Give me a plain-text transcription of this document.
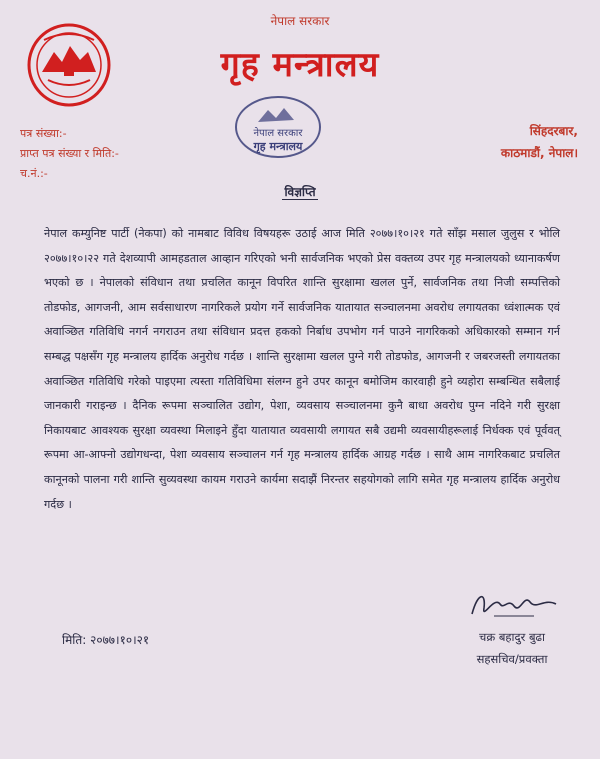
नेपाल सरकार
गृह मन्त्रालय
नेपाल सरकार
गृह मन्त्रालय
पत्र संख्या:-
प्राप्त पत्र संख्या र मिति:-
च.नं.:-
सिंहदरबार,
काठमाडौं, नेपाल।
विज्ञप्ति
नेपाल कम्युनिष्ट पार्टी (नेकपा) को नामबाट विविध विषयहरू उठाई आज मिति २०७७।१०।२१ गते साँझ मसाल जुलुस र भोलि २०७७।१०।२२ गते देशव्यापी आमहडताल आव्हान गरिएको भनी सार्वजनिक भएको प्रेस वक्तव्य उपर गृह मन्त्रालयको ध्यानाकर्षण भएको छ । नेपालको संविधान तथा प्रचलित कानून विपरित शान्ति सुरक्षामा खलल पुर्ने, सार्वजनिक तथा निजी सम्पत्तिको तोडफोड, आगजनी, आम सर्वसाधारण नागरिकले प्रयोग गर्ने सार्वजनिक यातायात सञ्चालनमा अवरोध लगायतका ध्वंशात्मक एवं अवाञ्छित गतिविधि नगर्न नगराउन तथा संविधान प्रदत्त हकको निर्बाध उपभोग गर्न पाउने नागरिकको अधिकारको सम्मान गर्न सम्बद्ध पक्षसँग गृह मन्त्रालय हार्दिक अनुरोध गर्दछ । शान्ति सुरक्षामा खलल पुग्ने गरी तोडफोड, आगजनी र जबरजस्ती लगायतका अवाञ्छित गतिविधि गरेको पाइएमा त्यस्ता गतिविधिमा संलग्न हुने उपर कानून बमोजिम कारवाही हुने व्यहोरा सम्बन्धित सबैलाई जानकारी गराइन्छ । दैनिक रूपमा सञ्चालित उद्योग, पेशा, व्यवसाय सञ्चालनमा कुनै बाधा अवरोध पुग्न नदिने गरी सुरक्षा निकायबाट आवश्यक सुरक्षा व्यवस्था मिलाइने हुँदा यातायात व्यवसायी लगायत सबै उद्यमी व्यवसायीहरूलाई निर्धक्क एवं पूर्ववत् रूपमा आ-आफ्नो उद्योगधन्दा, पेशा व्यवसाय सञ्चालन गर्न गृह मन्त्रालय हार्दिक आग्रह गर्दछ । साथै आम नागरिकबाट प्रचलित कानूनको पालना गरी शान्ति सुव्यवस्था कायम गराउने कार्यमा सदाझैं निरन्तर सहयोगको लागि समेत गृह मन्त्रालय हार्दिक अनुरोध गर्दछ ।
मिति: २०७७।१०।२१	चक्र बहादुर बुढा
सहसचिव/प्रवक्ता
